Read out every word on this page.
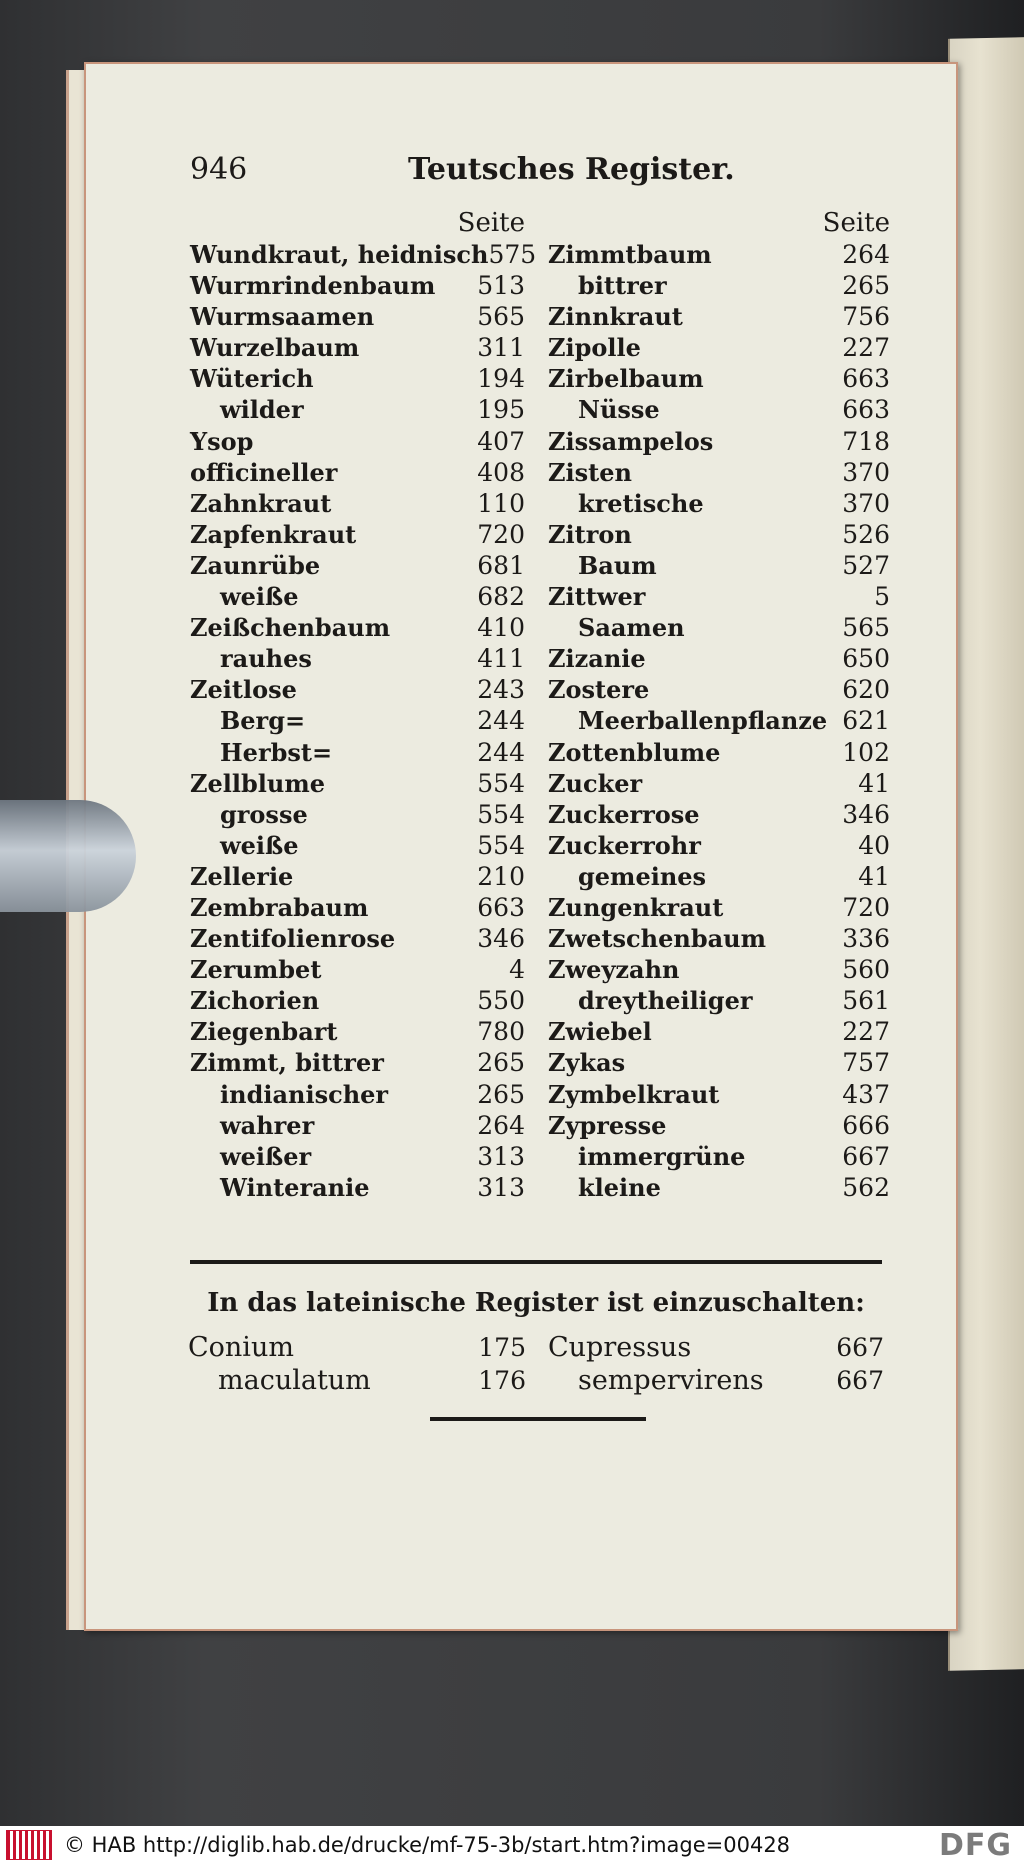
946	Teutsches Register.
Seite
Wundkraut, heidnisch 575
Wurmrindenbaum 513
Wurmsaamen	565
Wurzelbaum	311
Wüterich	194
wilder	195
Ysop	407
officineller	408
Zahnkraut	110
Zapfenkraut	720
Zaunrübe	681
weiße	682
Zeißchenbaum	410
rauhes	411
Zeitlose	243
Berg=	244
Herbst=	244
Zellblume	554
grosse	554
weiße	554
Zellerie	210
Zembrabaum	663
Zentifolienrose	346
Zerumbet	4
Zichorien	550
Ziegenbart	780
Zimmt, bittrer	265
indianischer	265
wahrer	264
weißer	313
Winteranie	313
Seite
Zimmtbaum	264
bittrer	265
Zinnkraut	756
Zipolle	227
Zirbelbaum	663
Nüsse	663
Zissampelos	718
Zisten	370
kretische	370
Zitron	526
Baum	527
Zittwer	5
Saamen	565
Zizanie	650
Zostere	620
Meerballenpflanze 621
Zottenblume	102
Zucker	41
Zuckerrose	346
Zuckerrohr	40
gemeines	41
Zungenkraut	720
Zwetschenbaum	336
Zweyzahn	560
dreytheiliger	561
Zwiebel	227
Zykas	757
Zymbelkraut	437
Zypresse	666
immergrüne	667
kleine	562
In das lateinische Register ist einzuschalten:
Conium	175
maculatum	176
Cupressus	667
sempervirens	667
© HAB http://diglib.hab.de/drucke/mf-75-3b/start.htm?image=00428	DFG
